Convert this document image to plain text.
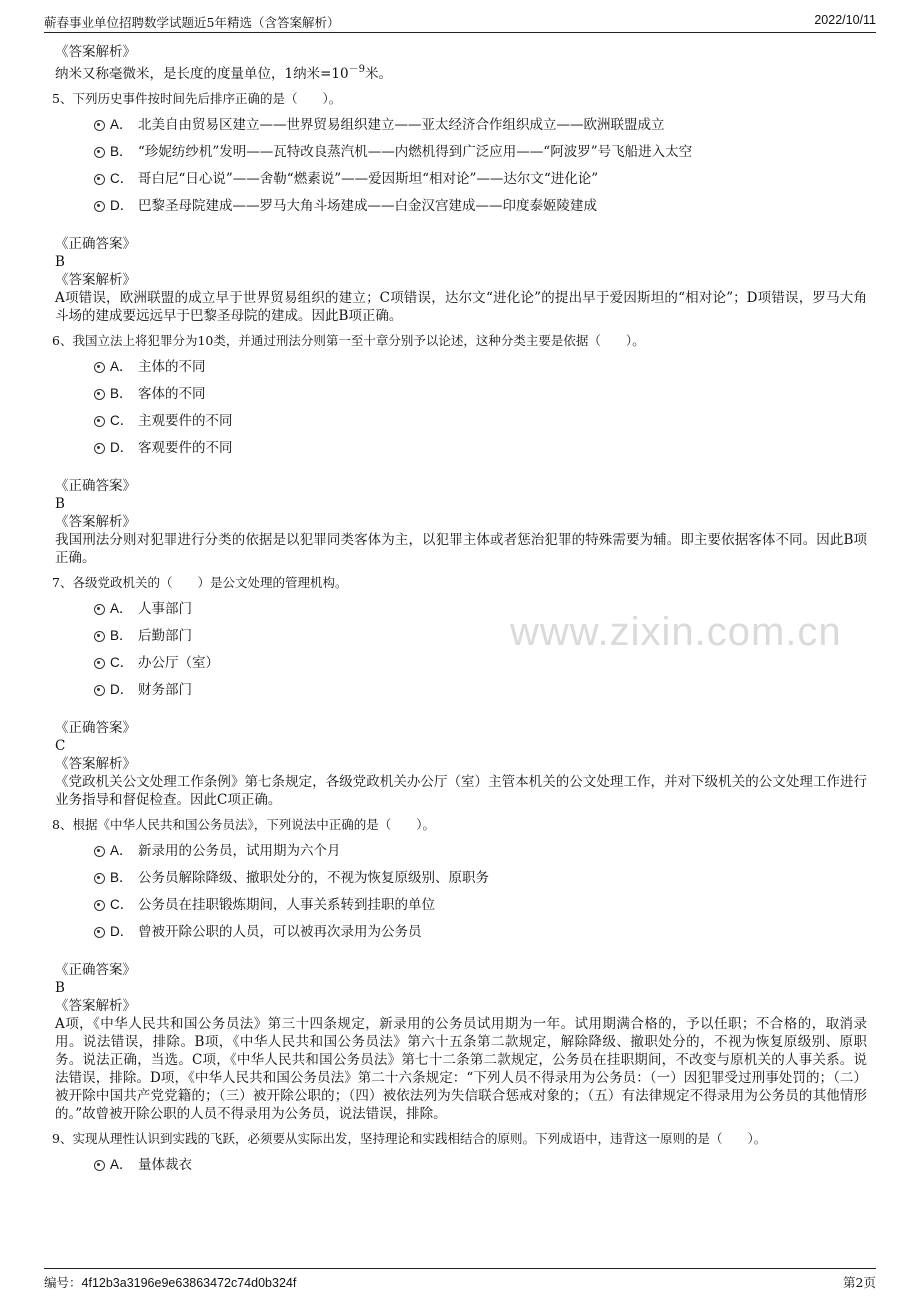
蕲春事业单位招聘数学试题近5年精选（含答案解析）	2022/10/11
《答案解析》
纳米又称毫微米，是长度的度量单位，1纳米$=10^{-9}$米。
5、下列历史事件按时间先后排序正确的是（　　）。
A． 北美自由贸易区建立——世界贸易组织建立——亚太经济合作组织成立——欧洲联盟成立
B． “珍妮纺纱机”发明——瓦特改良蒸汽机——内燃机得到广泛应用——“阿波罗”号飞船进入太空
C． 哥白尼“日心说”——舍勒“燃素说”——爱因斯坦“相对论”——达尔文“进化论”
D． 巴黎圣母院建成——罗马大角斗场建成——白金汉宫建成——印度泰姬陵建成
《正确答案》
B
《答案解析》
A项错误，欧洲联盟的成立早于世界贸易组织的建立；C项错误，达尔文“进化论”的提出早于爱因斯坦的“相对论”；D项错误，罗马大角斗场的建成要远远早于巴黎圣母院的建成。因此B项正确。
6、我国立法上将犯罪分为10类，并通过刑法分则第一至十章分别予以论述，这种分类主要是依据（　　）。
A． 主体的不同
B． 客体的不同
C． 主观要件的不同
D． 客观要件的不同
《正确答案》
B
《答案解析》
我国刑法分则对犯罪进行分类的依据是以犯罪同类客体为主，以犯罪主体或者惩治犯罪的特殊需要为辅。即主要依据客体不同。因此B项正确。
7、各级党政机关的（　　）是公文处理的管理机构。
A． 人事部门
B． 后勤部门
C． 办公厅（室）
D． 财务部门
《正确答案》
C
《答案解析》
《党政机关公文处理工作条例》第七条规定，各级党政机关办公厅（室）主管本机关的公文处理工作，并对下级机关的公文处理工作进行业务指导和督促检查。因此C项正确。
8、根据《中华人民共和国公务员法》，下列说法中正确的是（　　）。
A． 新录用的公务员，试用期为六个月
B． 公务员解除降级、撤职处分的，不视为恢复原级别、原职务
C． 公务员在挂职锻炼期间，人事关系转到挂职的单位
D． 曾被开除公职的人员，可以被再次录用为公务员
《正确答案》
B
《答案解析》
A项，《中华人民共和国公务员法》第三十四条规定，新录用的公务员试用期为一年。试用期满合格的，予以任职；不合格的，取消录用。说法错误，排除。B项，《中华人民共和国公务员法》第六十五条第二款规定，解除降级、撤职处分的，不视为恢复原级别、原职务。说法正确，当选。C项，《中华人民共和国公务员法》第七十二条第二款规定，公务员在挂职期间，不改变与原机关的人事关系。说法错误，排除。D项，《中华人民共和国公务员法》第二十六条规定：“下列人员不得录用为公务员：（一）因犯罪受过刑事处罚的；（二）被开除中国共产党党籍的；（三）被开除公职的；（四）被依法列为失信联合惩戒对象的；（五）有法律规定不得录用为公务员的其他情形的。”故曾被开除公职的人员不得录用为公务员，说法错误，排除。
9、实现从理性认识到实践的飞跃，必须要从实际出发，坚持理论和实践相结合的原则。下列成语中，违背这一原则的是（　　）。
A． 量体裁衣
www.zixin.com.cn
编号：4f12b3a3196e9e63863472c74d0b324f	第2页
